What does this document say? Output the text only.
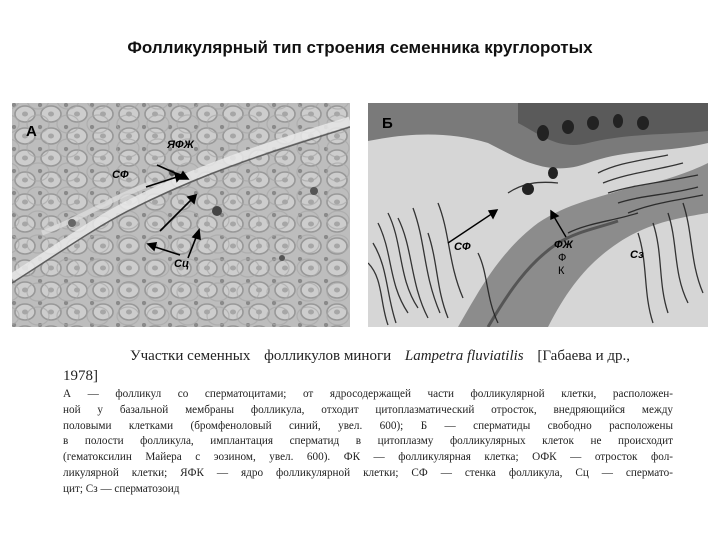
Фолликулярный тип строения семенника круглоротых
А
ЯФЖ
СФ
Сц
Б
СФ	ФЖ
Ф
К
Сз
Участки семенных фолликулов миноги Lampetra fluviatilis [Габаева и др.,
1978]
А — фолликул со сперматоцитами; от ядросодержащей части фолликулярной клетки, расположен-
ной у базальной мембраны фолликула, отходит цитоплазматический отросток, внедряющийся между
половыми клетками (бромфеноловый синий, увел. 600); Б — сперматиды свободно расположены
в полости фолликула, имплантация сперматид в цитоплазму фолликулярных клеток не происходит
(гематоксилин Майера с эозином, увел. 600). ФК — фолликулярная клетка; ОФК — отросток фол-
ликулярной клетки; ЯФК — ядро фолликулярной клетки; СФ — стенка фолликула, Сц — спермато-
цит; Сз — сперматозоид
